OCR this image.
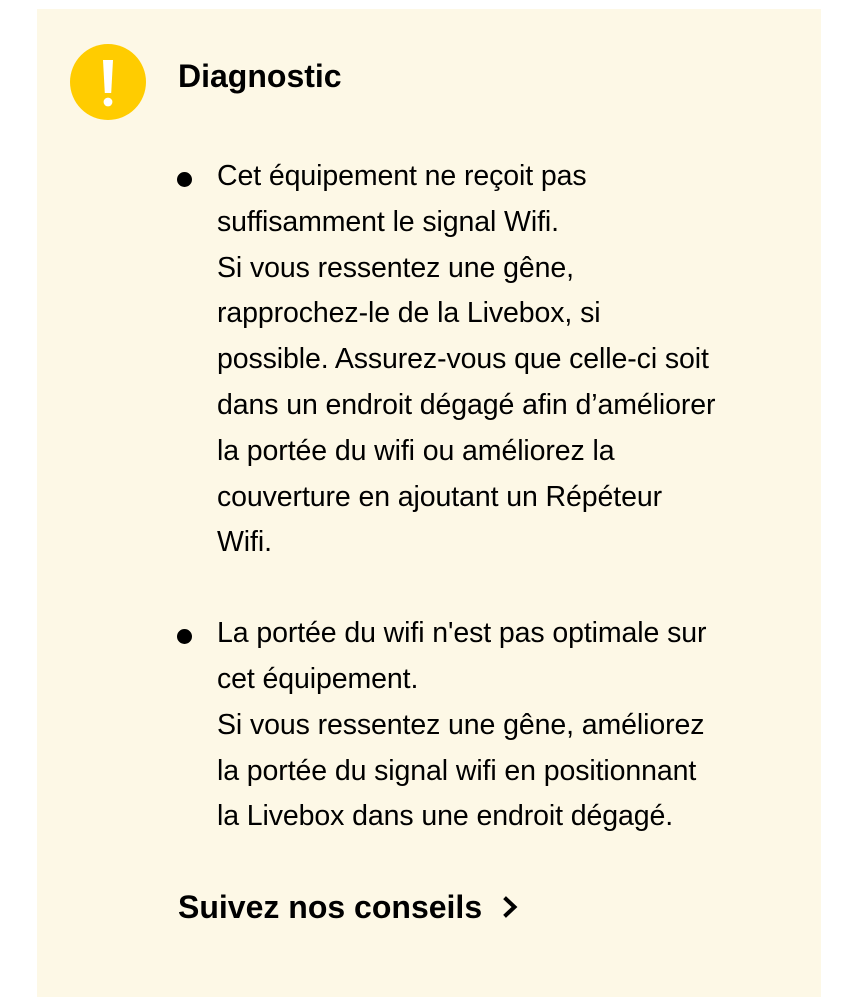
Diagnostic
Cet équipement ne reçoit pas
suffisamment le signal Wifi.
Si vous ressentez une gêne,
rapprochez-le de la Livebox, si
possible. Assurez-vous que celle-ci soit
dans un endroit dégagé afin d’améliorer
la portée du wifi ou améliorez la
couverture en ajoutant un Répéteur
Wifi.
La portée du wifi n'est pas optimale sur
cet équipement.
Si vous ressentez une gêne, améliorez
la portée du signal wifi en positionnant
la Livebox dans une endroit dégagé.
Suivez nos conseils
